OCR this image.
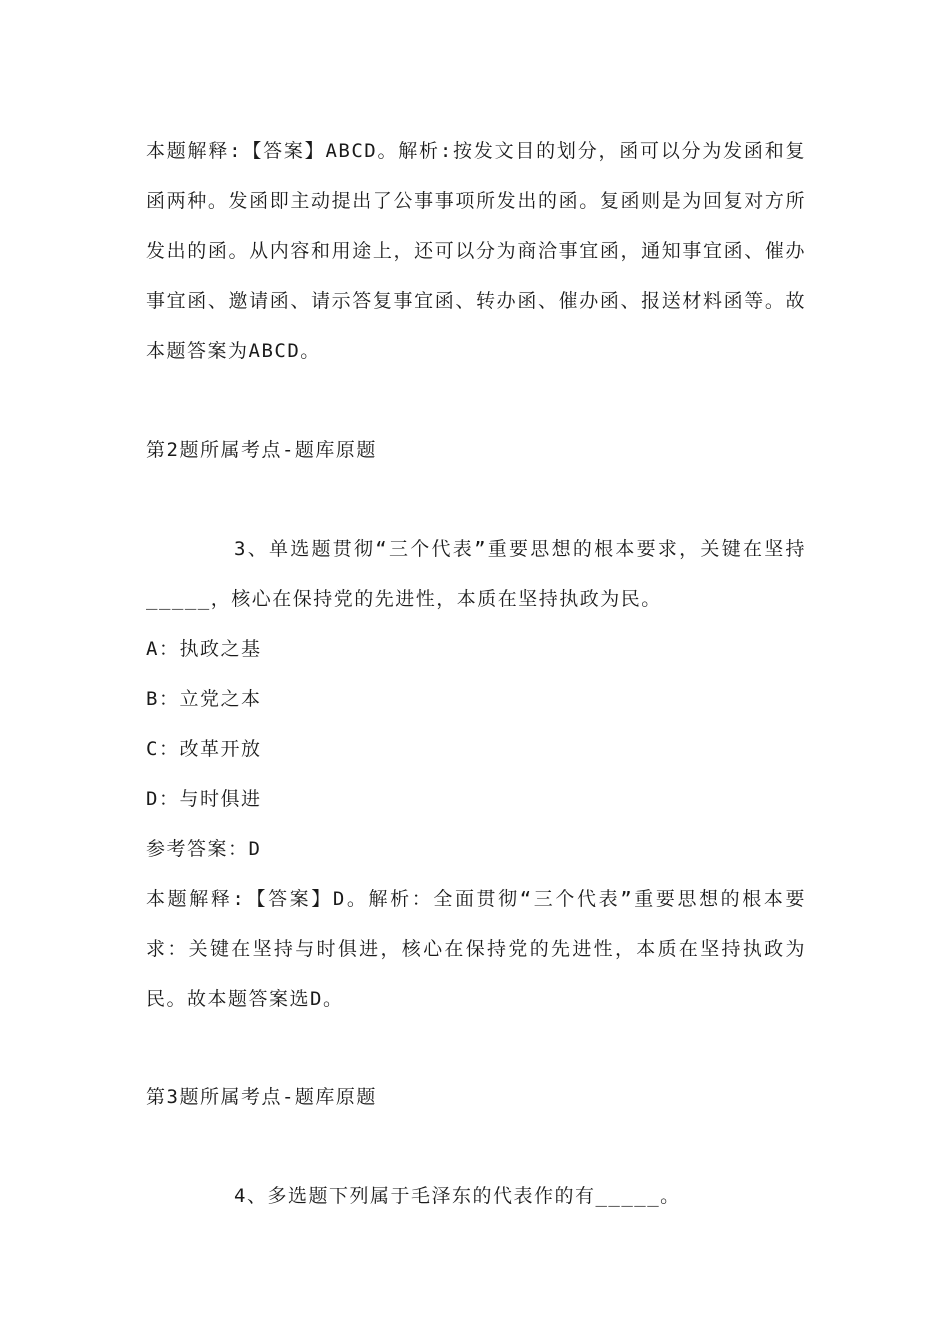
本题解释:【答案】ABCD。解析:按发文目的划分，函可以分为发函和复函两种。发函即主动提出了公事事项所发出的函。复函则是为回复对方所发出的函。从内容和用途上，还可以分为商洽事宜函，通知事宜函、催办事宜函、邀请函、请示答复事宜函、转办函、催办函、报送材料函等。故本题答案为ABCD。

第2题所属考点-题库原题

3、单选题贯彻“三个代表”重要思想的根本要求，关键在坚持_____，核心在保持党的先进性，本质在坚持执政为民。

A：执政之基
B：立党之本
C：改革开放
D：与时俱进
参考答案：D

本题解释:【答案】D。解析：全面贯彻“三个代表”重要思想的根本要求：关键在坚持与时俱进，核心在保持党的先进性，本质在坚持执政为民。故本题答案选D。

第3题所属考点-题库原题

4、多选题下列属于毛泽东的代表作的有_____。
